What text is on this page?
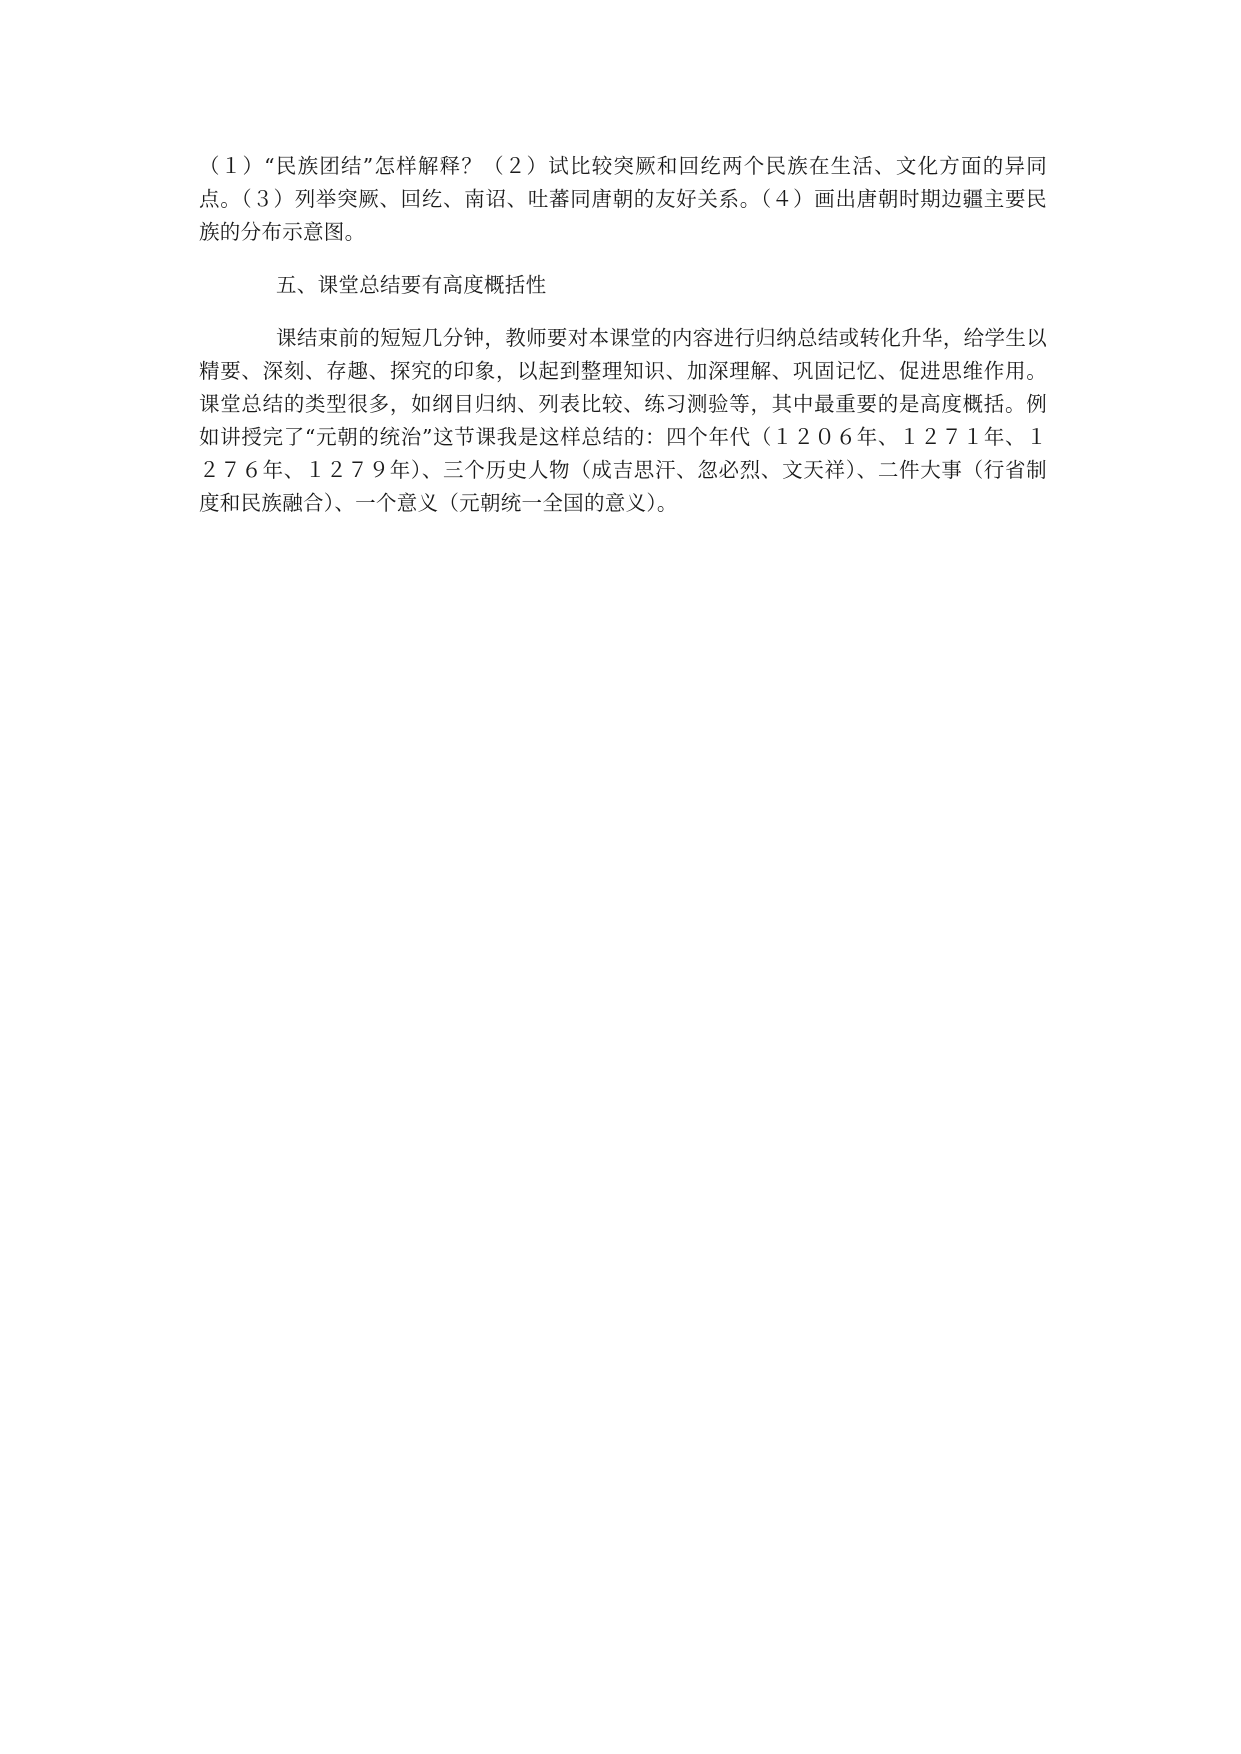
（１）“民族团结”怎样解释？（２）试比较突厥和回纥两个民族在生活、文化方面的异同点。（３）列举突厥、回纥、南诏、吐蕃同唐朝的友好关系。（４）画出唐朝时期边疆主要民族的分布示意图。

五、课堂总结要有高度概括性

课结束前的短短几分钟，教师要对本课堂的内容进行归纳总结或转化升华，给学生以精要、深刻、存趣、探究的印象，以起到整理知识、加深理解、巩固记忆、促进思维作用。课堂总结的类型很多，如纲目归纳、列表比较、练习测验等，其中最重要的是高度概括。例如讲授完了“元朝的统治”这节课我是这样总结的：四个年代（１２０６年、１２７１年、１２７６年、１２７９年）、三个历史人物（成吉思汗、忽必烈、文天祥）、二件大事（行省制度和民族融合）、一个意义（元朝统一全国的意义）。
